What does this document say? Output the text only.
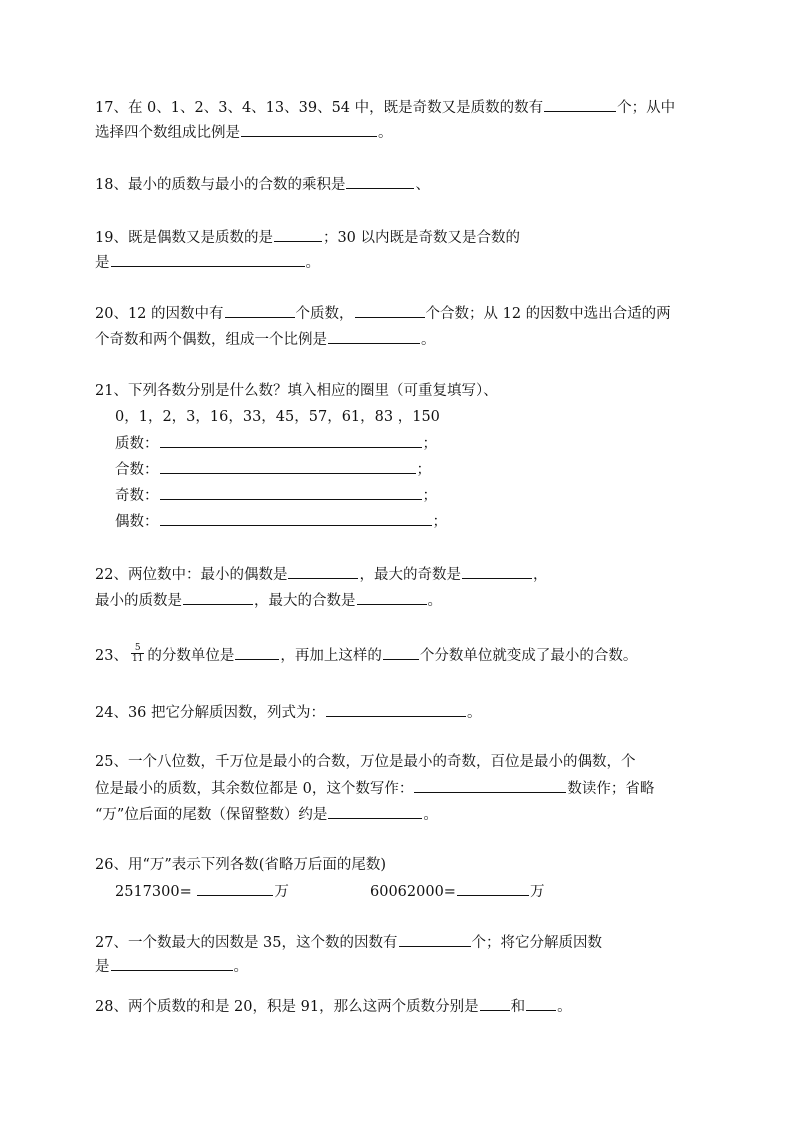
17、在 0、1、2、3、4、13、39、54 中，既是奇数又是质数的数有	个；从中
选择四个数组成比例是	。
18、最小的质数与最小的合数的乘积是	、
19、既是偶数又是质数的是	；30 以内既是奇数又是合数的
是	。
20、12 的因数中有	个质数，	个合数；从 12 的因数中选出合适的两
个奇数和两个偶数，组成一个比例是	。
21、下列各数分别是什么数？填入相应的圈里（可重复填写）、
0，1，2，3，16，33，45，57，61，83 ，150
质数：	；
合数：	；
奇数：	；
偶数：	；
22、两位数中：最小的偶数是	，最大的奇数是	，
最小的质数是	，最大的合数是	。
23、 $\frac{5}{11}$ 的分数单位是	，再加上这样的	个分数单位就变成了最小的合数。
24、36 把它分解质因数，列式为：	。
25、一个八位数，千万位是最小的合数，万位是最小的奇数，百位是最小的偶数，个
位是最小的质数，其余数位都是 0，这个数写作：	数读作；省略
“万”位后面的尾数（保留整数）约是	。
26、用“万”表示下列各数(省略万后面的尾数)
2517300=	万	60062000=	万
27、一个数最大的因数是 35，这个数的因数有	个；将它分解质因数
是	。
28、两个质数的和是 20，积是 91，那么这两个质数分别是 和 。
